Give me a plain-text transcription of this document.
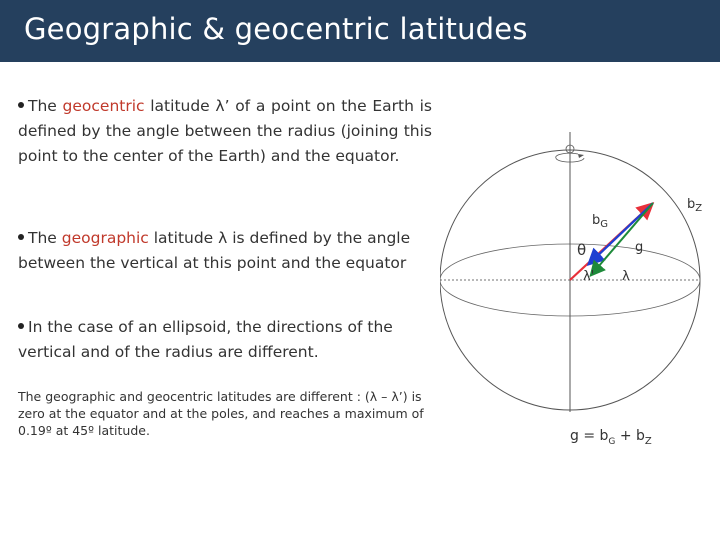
Geographic & geocentric latitudes
The geocentric latitude λ’ of a point on the Earth is defined by the angle between the radius (joining this point to the center of the Earth) and the equator.
The geographic latitude λ is defined by the angle between the vertical at this point and the equator
In the case of an ellipsoid, the directions of the vertical and of the radius are different.
The geographic and geocentric latitudes are different : (λ – λ’) is zero at the equator and at the poles, and reaches a maximum of 0.19º at 45º latitude.
$b_Z$
$b_G$
g
θ
λ' λ
$g = b_G + b_Z$
